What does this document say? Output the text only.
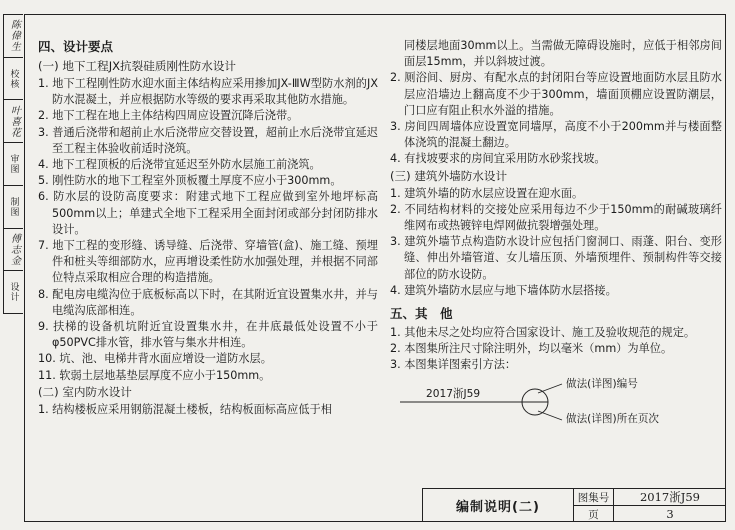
陈偉生
校核
叶喜花
审图
制图
傅志金
设计
四、设计要点
(一) 地下工程JX抗裂硅质刚性防水设计

1. 地下工程刚性防水迎水面主体结构应采用掺加JX-ⅢW型防水剂的JX防水混凝土，并应根据防水等级的要求再采取其他防水措施。

2. 地下工程在地上主体结构四周应设置沉降后浇带。

3. 普通后浇带和超前止水后浇带应交替设置，超前止水后浇带宜延迟至工程主体验收前适时浇筑。

4. 地下工程顶板的后浇带宜延迟至外防水层施工前浇筑。

5. 刚性防水的地下工程室外顶板覆土厚度不应小于300mm。

6. 防水层的设防高度要求：附建式地下工程应做到室外地坪标高500mm以上；单建式全地下工程采用全面封闭或部分封闭防排水设计。

7. 地下工程的变形缝、诱导缝、后浇带、穿墙管(盒)、施工缝、预埋件和桩头等细部防水，应再增设柔性防水加强处理，并根据不同部位特点采取相应合理的构造措施。

8. 配电房电缆沟位于底板标高以下时，在其附近宜设置集水井，并与电缆沟底部相连。

9. 扶梯的设备机坑附近宜设置集水井，在井底最低处设置不小于φ50PVC排水管，排水管与集水井相连。

10. 坑、池、电梯井背水面应增设一道防水层。

11. 软弱土层地基垫层厚度不应小于150mm。

(二) 室内防水设计

1. 结构楼板应采用钢筋混凝土楼板，结构板面标高应低于相

同楼层地面30mm以上。当需做无障碍设施时，应低于相邻房间面层15mm，并以斜坡过渡。

2. 厕浴间、厨房、有配水点的封闭阳台等应设置地面防水层且防水层应沿墙边上翻高度不少于300mm，墙面顶棚应设置防潮层，门口应有阻止积水外溢的措施。

3. 房间四周墙体应设置宽同墙厚，高度不小于200mm并与楼面整体浇筑的混凝土翻边。

4. 有找坡要求的房间宜采用防水砂浆找坡。

(三) 建筑外墙防水设计

1. 建筑外墙的防水层应设置在迎水面。

2. 不同结构材料的交接处应采用每边不少于150mm的耐碱玻璃纤维网布或热镀锌电焊网做抗裂增强处理。

3. 建筑外墙节点构造防水设计应包括门窗洞口、雨蓬、阳台、变形缝、伸出外墙管道、女儿墙压顶、外墙预埋件、预制构件等交接部位的防水设防。

4. 建筑外墙防水层应与地下墙体防水层搭接。

五、其　他

1. 其他未尽之处均应符合国家设计、施工及验收规范的规定。

2. 本图集所注尺寸除注明外，均以毫米（mm）为单位。

3. 本图集详图索引方法：

2017浙J59
做法(详图)编号
做法(详图)所在页次
编制说明(二)
图集号	2017浙J59
页	3
